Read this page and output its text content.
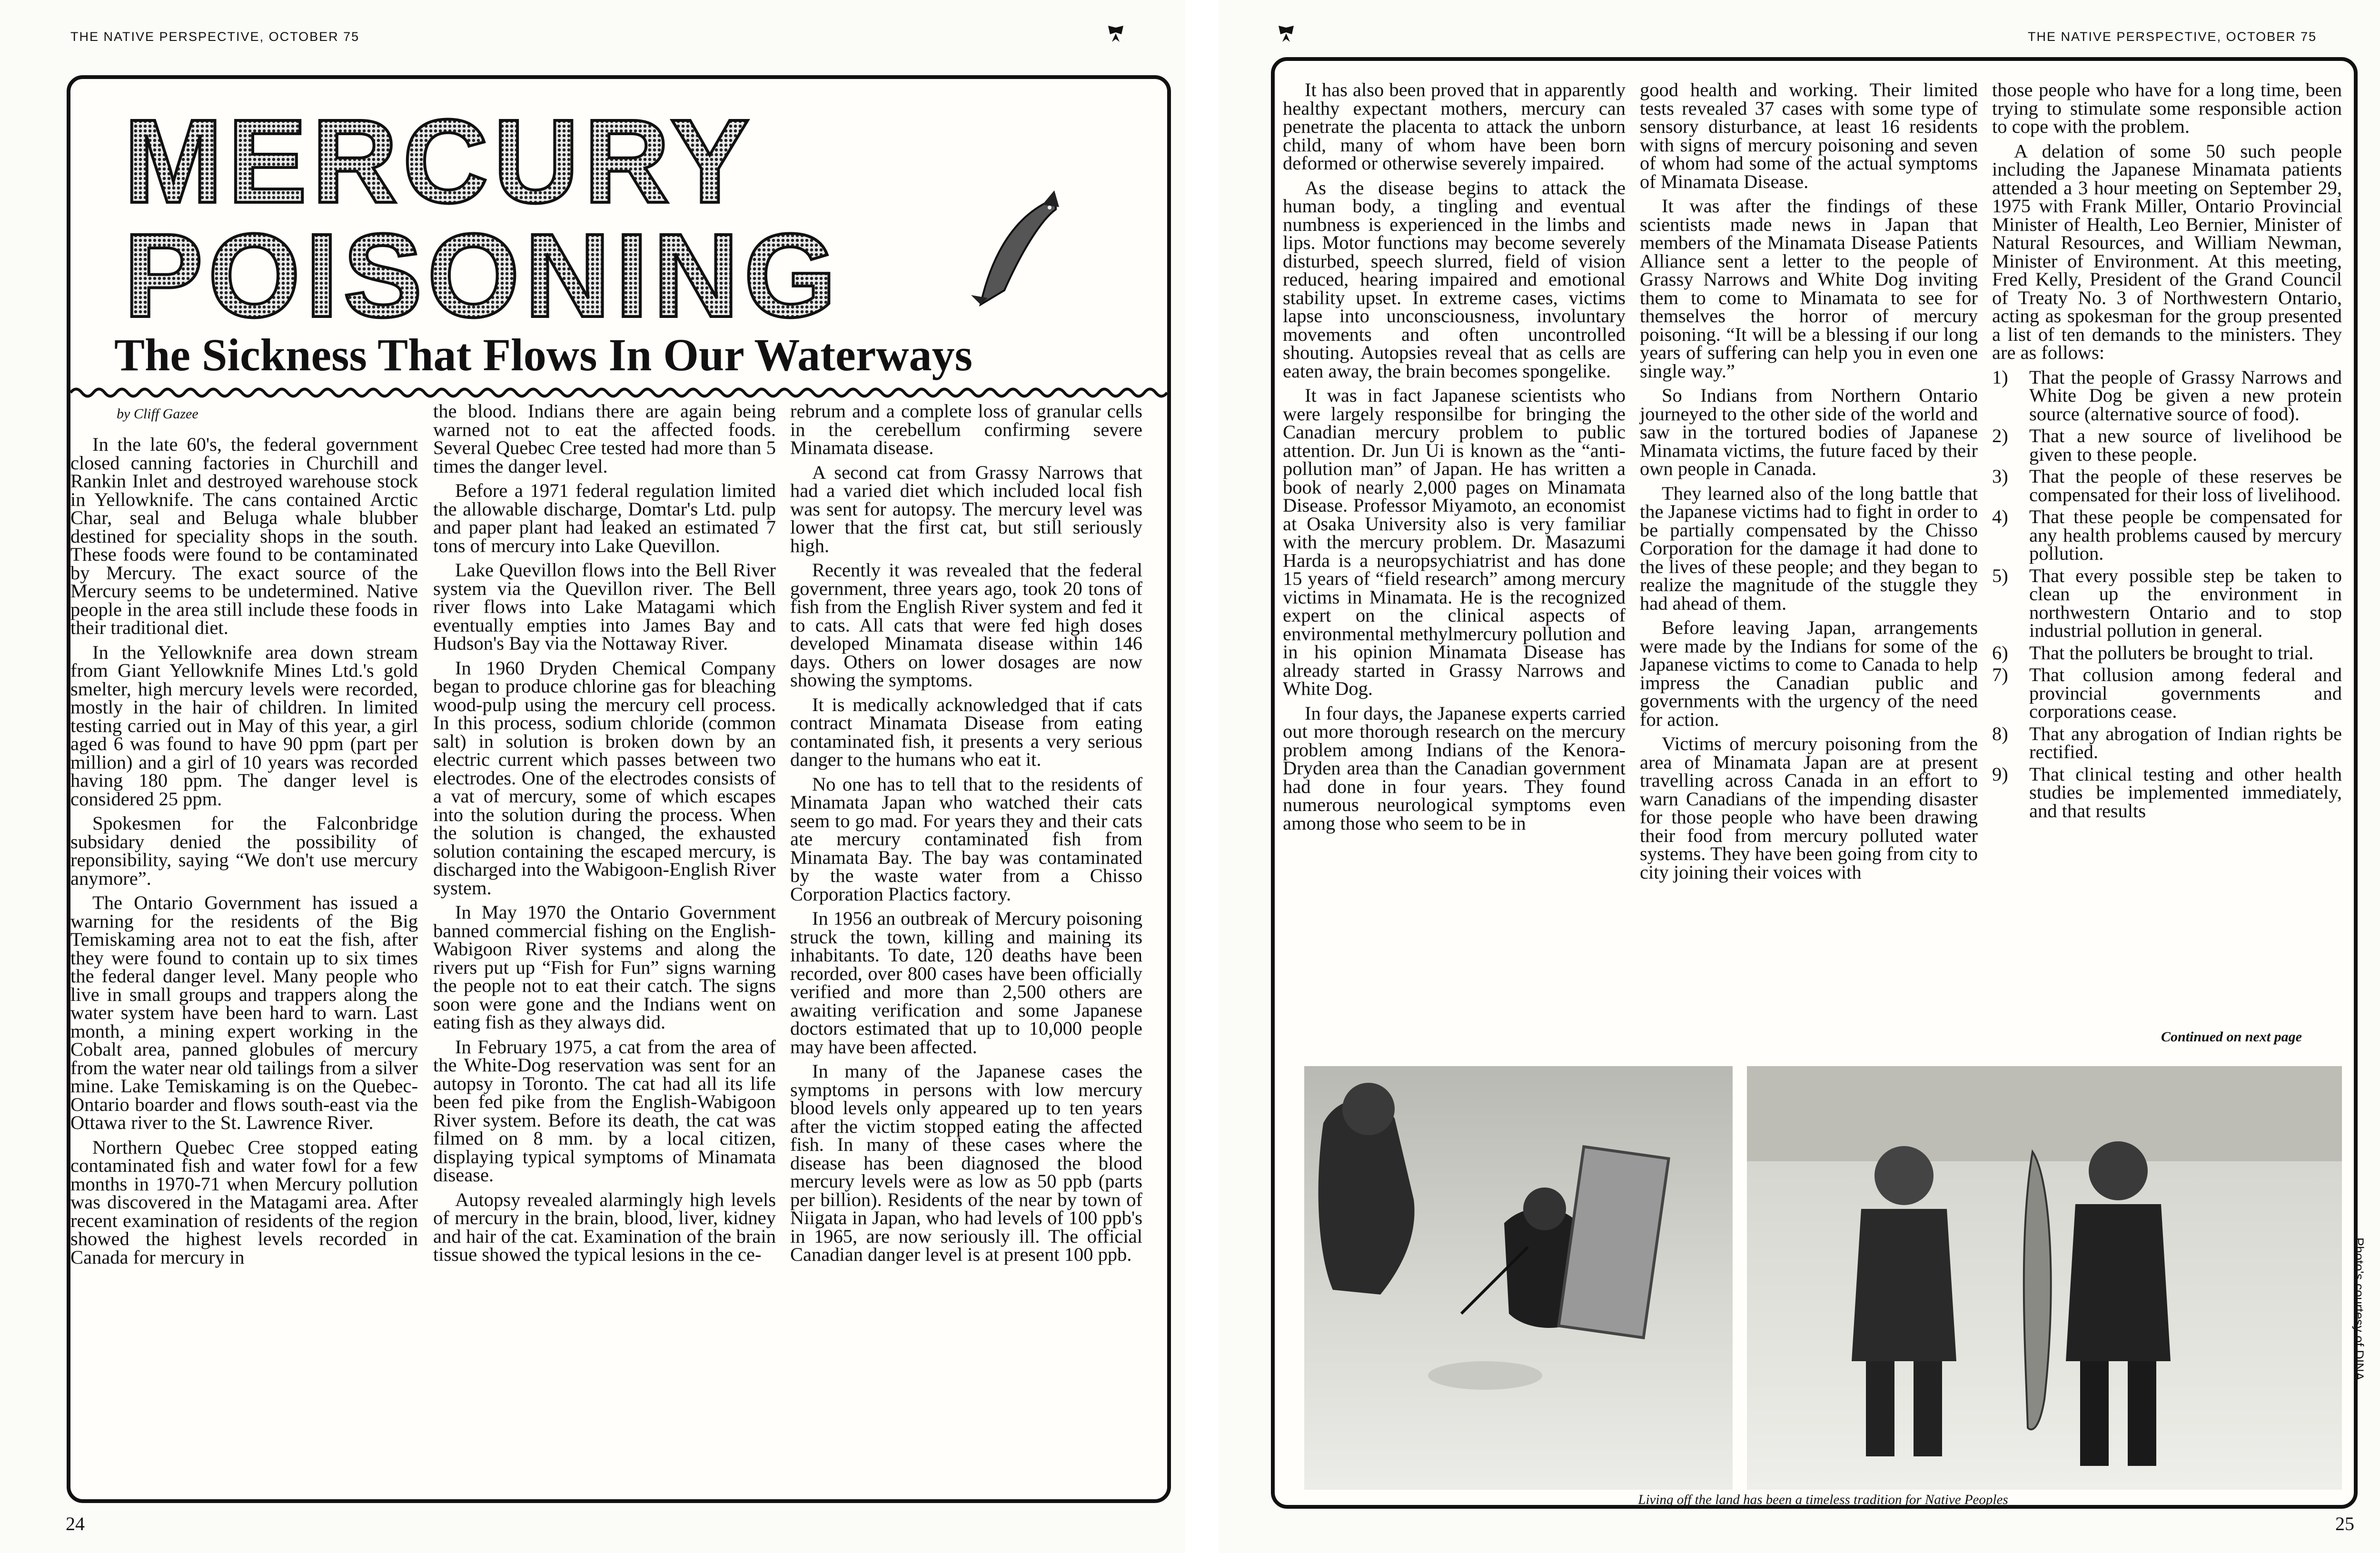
THE NATIVE PERSPECTIVE, OCTOBER 75
MERCURY
POISONING
The Sickness That Flows In Our Waterways
by Cliff Gazee

In the late 60's, the federal government closed canning factories in Churchill and Rankin Inlet and destroyed warehouse stock in Yellowknife. The cans contained Arctic Char, seal and Beluga whale blubber destined for speciality shops in the south. These foods were found to be contaminated by Mercury. The exact source of the Mercury seems to be undetermined. Native people in the area still include these foods in their traditional diet.

In the Yellowknife area down stream from Giant Yellowknife Mines Ltd.'s gold smelter, high mercury levels were recorded, mostly in the hair of children. In limited testing carried out in May of this year, a girl aged 6 was found to have 90 ppm (part per million) and a girl of 10 years was recorded having 180 ppm. The danger level is considered 25 ppm.

Spokesmen for the Falconbridge subsidary denied the possibility of reponsibility, saying “We don't use mercury anymore”.

The Ontario Government has issued a warning for the residents of the Big Temiskaming area not to eat the fish, after they were found to contain up to six times the federal danger level. Many people who live in small groups and trappers along the water system have been hard to warn. Last month, a mining expert working in the Cobalt area, panned globules of mercury from the water near old tailings from a silver mine. Lake Temiskaming is on the Quebec-Ontario boarder and flows south-east via the Ottawa river to the St. Lawrence River.

Northern Quebec Cree stopped eating contaminated fish and water fowl for a few months in 1970-71 when Mercury pollution was discovered in the Matagami area. After recent examination of residents of the region showed the highest levels recorded in Canada for mercury in

the blood. Indians there are again being warned not to eat the affected foods. Several Quebec Cree tested had more than 5 times the danger level.

Before a 1971 federal regulation limited the allowable discharge, Domtar's Ltd. pulp and paper plant had leaked an estimated 7 tons of mercury into Lake Quevillon.

Lake Quevillon flows into the Bell River system via the Quevillon river. The Bell river flows into Lake Matagami which eventually empties into James Bay and Hudson's Bay via the Nottaway River.

In 1960 Dryden Chemical Company began to produce chlorine gas for bleaching wood-pulp using the mercury cell process. In this process, sodium chloride (common salt) in solution is broken down by an electric current which passes between two electrodes. One of the electrodes consists of a vat of mercury, some of which escapes into the solution during the process. When the solution is changed, the exhausted solution containing the escaped mercury, is discharged into the Wabigoon-English River system.

In May 1970 the Ontario Government banned commercial fishing on the English-Wabigoon River systems and along the rivers put up “Fish for Fun” signs warning the people not to eat their catch. The signs soon were gone and the Indians went on eating fish as they always did.

In February 1975, a cat from the area of the White-Dog reservation was sent for an autopsy in Toronto. The cat had all its life been fed pike from the English-Wabigoon River system. Before its death, the cat was filmed on 8 mm. by a local citizen, displaying typical symptoms of Minamata disease.

Autopsy revealed alarmingly high levels of mercury in the brain, blood, liver, kidney and hair of the cat. Examination of the brain tissue showed the typical lesions in the ce-

rebrum and a complete loss of granular cells in the cerebellum confirming severe Minamata disease.

A second cat from Grassy Narrows that had a varied diet which included local fish was sent for autopsy. The mercury level was lower that the first cat, but still seriously high.

Recently it was revealed that the federal government, three years ago, took 20 tons of fish from the English River system and fed it to cats. All cats that were fed high doses developed Minamata disease within 146 days. Others on lower dosages are now showing the symptoms.

It is medically acknowledged that if cats contract Minamata Disease from eating contaminated fish, it presents a very serious danger to the humans who eat it.

No one has to tell that to the residents of Minamata Japan who watched their cats seem to go mad. For years they and their cats ate mercury contaminated fish from Minamata Bay. The bay was contaminated by the waste water from a Chisso Corporation Plactics factory.

In 1956 an outbreak of Mercury poisoning struck the town, killing and maining its inhabitants. To date, 120 deaths have been recorded, over 800 cases have been officially verified and more than 2,500 others are awaiting verification and some Japanese doctors estimated that up to 10,000 people may have been affected.

In many of the Japanese cases the symptoms in persons with low mercury blood levels only appeared up to ten years after the victim stopped eating the affected fish. In many of these cases where the disease has been diagnosed the blood mercury levels were as low as 50 ppb (parts per billion). Residents of the near by town of Niigata in Japan, who had levels of 100 ppb's in 1965, are now seriously ill. The official Canadian danger level is at present 100 ppb.

24
THE NATIVE PERSPECTIVE, OCTOBER 75

It has also been proved that in apparently healthy expectant mothers, mercury can penetrate the placenta to attack the unborn child, many of whom have been born deformed or otherwise severely impaired.

As the disease begins to attack the human body, a tingling and eventual numbness is experienced in the limbs and lips. Motor functions may become severely disturbed, speech slurred, field of vision reduced, hearing impaired and emotional stability upset. In extreme cases, victims lapse into unconsciousness, involuntary movements and often uncontrolled shouting. Autopsies reveal that as cells are eaten away, the brain becomes spongelike.

It was in fact Japanese scientists who were largely responsilbe for bringing the Canadian mercury problem to public attention. Dr. Jun Ui is known as the “anti-pollution man” of Japan. He has written a book of nearly 2,000 pages on Minamata Disease. Professor Miyamoto, an economist at Osaka University also is very familiar with the mercury problem. Dr. Masazumi Harda is a neuropsychiatrist and has done 15 years of “field research” among mercury victims in Minamata. He is the recognized expert on the clinical aspects of environmental methylmercury pollution and in his opinion Minamata Disease has already started in Grassy Narrows and White Dog.

In four days, the Japanese experts carried out more thorough research on the mercury problem among Indians of the Kenora-Dryden area than the Canadian government had done in four years. They found numerous neurological symptoms even among those who seem to be in

good health and working. Their limited tests revealed 37 cases with some type of sensory disturbance, at least 16 residents with signs of mercury poisoning and seven of whom had some of the actual symptoms of Minamata Disease.

It was after the findings of these scientists made news in Japan that members of the Minamata Disease Patients Alliance sent a letter to the people of Grassy Narrows and White Dog inviting them to come to Minamata to see for themselves the horror of mercury poisoning. “It will be a blessing if our long years of suffering can help you in even one single way.”

So Indians from Northern Ontario journeyed to the other side of the world and saw in the tortured bodies of Japanese Minamata victims, the future faced by their own people in Canada.

They learned also of the long battle that the Japanese victims had to fight in order to be partially compensated by the Chisso Corporation for the damage it had done to the lives of these people; and they began to realize the magnitude of the stuggle they had ahead of them.

Before leaving Japan, arrangements were made by the Indians for some of the Japanese victims to come to Canada to help impress the Canadian public and governments with the urgency of the need for action.

Victims of mercury poisoning from the area of Minamata Japan are at present travelling across Canada in an effort to warn Canadians of the impending disaster for those people who have been drawing their food from mercury polluted water systems. They have been going from city to city joining their voices with

those people who have for a long time, been trying to stimulate some responsible action to cope with the problem.

A delation of some 50 such people including the Japanese Minamata patients attended a 3 hour meeting on September 29, 1975 with Frank Miller, Ontario Provincial Minister of Health, Leo Bernier, Minister of Natural Resources, and William Newman, Minister of Environment. At this meeting, Fred Kelly, President of the Grand Council of Treaty No. 3 of Northwestern Ontario, acting as spokesman for the group presented a list of ten demands to the ministers. They are as follows:

1)	That the people of Grassy Narrows and White Dog be given a new protein source (alternative source of food).
2)	That a new source of livelihood be given to these people.
3)	That the people of these reserves be compensated for their loss of livelihood.
4)	That these people be compensated for any health problems caused by mercury pollution.
5)	That every possible step be taken to clean up the environment in northwestern Ontario and to stop industrial pollution in general.
6)	That the polluters be brought to trial.
7)	That collusion among federal and provincial governments and corporations cease.
8)	That any abrogation of Indian rights be rectified.
9)	That clinical testing and other health studies be implemented immediately, and that results
Continued on next page
Photo's courtesy of DINA
Living off the land has been a timeless tradition for Native Peoples
25
